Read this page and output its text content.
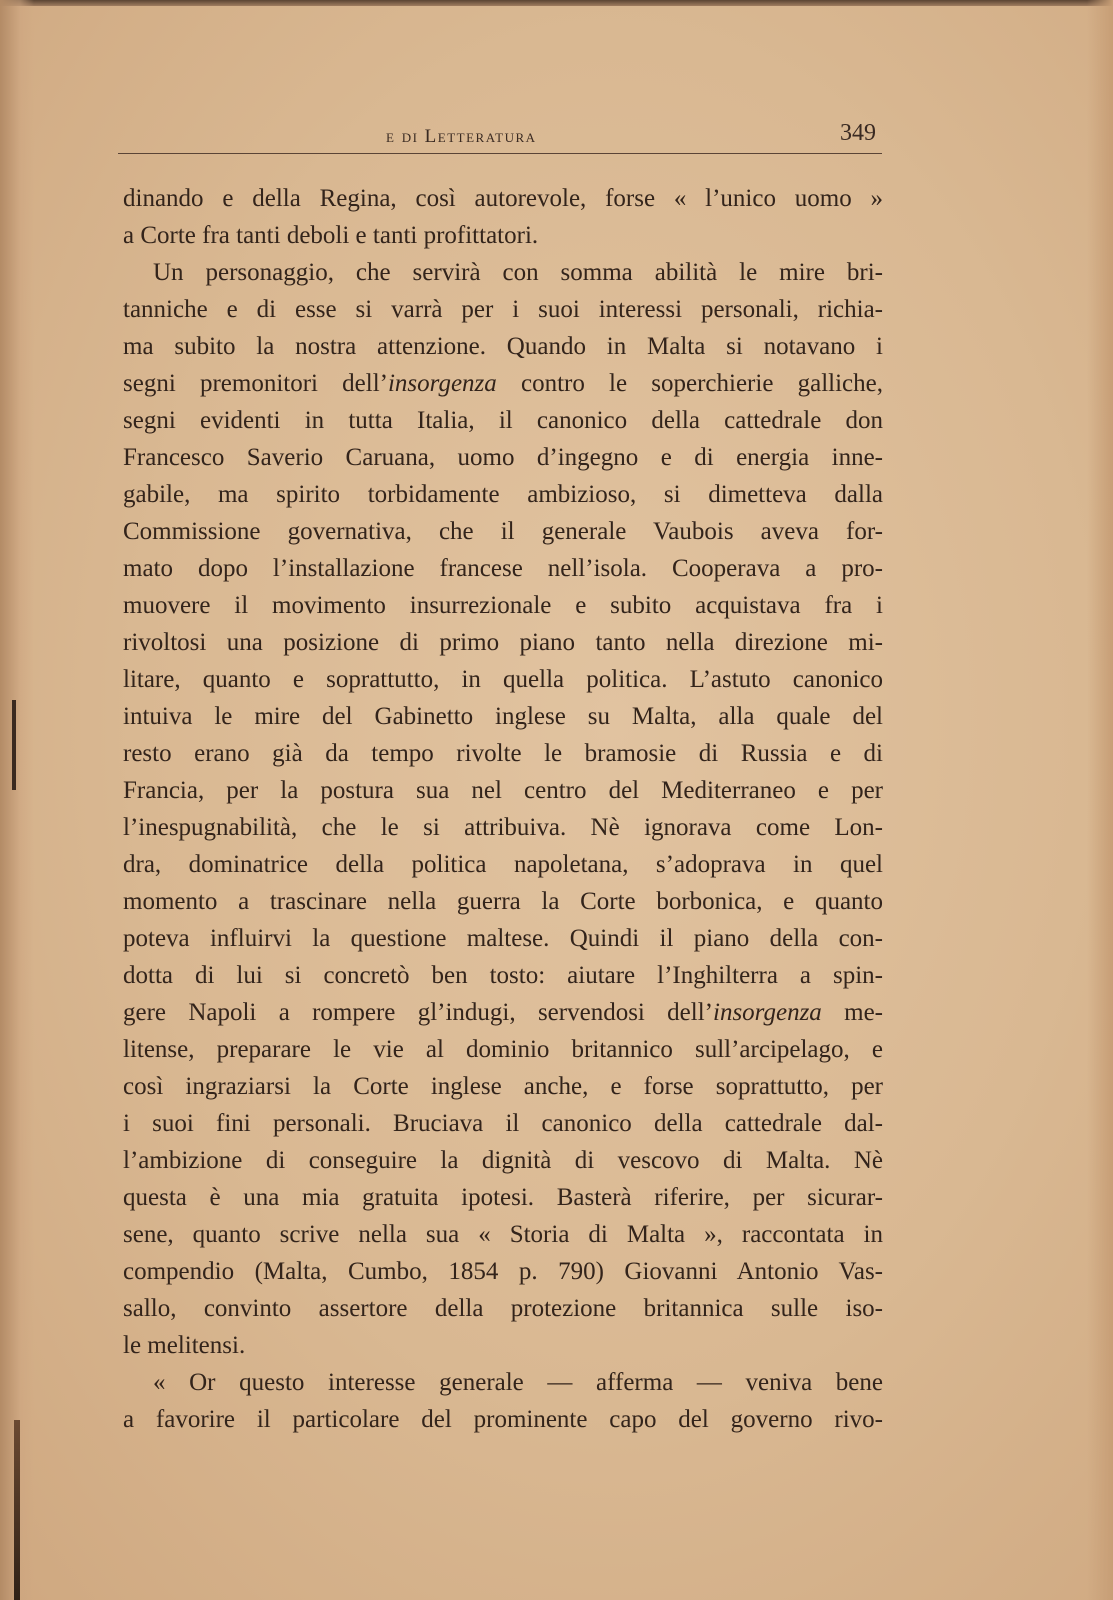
e di Letteratura	349
dinando e della Regina, così autorevole, forse « l’unico uomo »
a Corte fra tanti deboli e tanti profittatori.
Un personaggio, che servirà con somma abilità le mire bri-
tanniche e di esse si varrà per i suoi interessi personali, richia-
ma subito la nostra attenzione. Quando in Malta si notavano i
segni premonitori dell’insorgenza contro le soperchierie galliche,
segni evidenti in tutta Italia, il canonico della cattedrale don
Francesco Saverio Caruana, uomo d’ingegno e di energia inne-
gabile, ma spirito torbidamente ambizioso, si dimetteva dalla
Commissione governativa, che il generale Vaubois aveva for-
mato dopo l’installazione francese nell’isola. Cooperava a pro-
muovere il movimento insurrezionale e subito acquistava fra i
rivoltosi una posizione di primo piano tanto nella direzione mi-
litare, quanto e soprattutto, in quella politica. L’astuto canonico
intuiva le mire del Gabinetto inglese su Malta, alla quale del
resto erano già da tempo rivolte le bramosie di Russia e di
Francia, per la postura sua nel centro del Mediterraneo e per
l’inespugnabilità, che le si attribuiva. Nè ignorava come Lon-
dra, dominatrice della politica napoletana, s’adoprava in quel
momento a trascinare nella guerra la Corte borbonica, e quanto
poteva influirvi la questione maltese. Quindi il piano della con-
dotta di lui si concretò ben tosto: aiutare l’Inghilterra a spin-
gere Napoli a rompere gl’indugi, servendosi dell’insorgenza me-
litense, preparare le vie al dominio britannico sull’arcipelago, e
così ingraziarsi la Corte inglese anche, e forse soprattutto, per
i suoi fini personali. Bruciava il canonico della cattedrale dal-
l’ambizione di conseguire la dignità di vescovo di Malta. Nè
questa è una mia gratuita ipotesi. Basterà riferire, per sicurar-
sene, quanto scrive nella sua « Storia di Malta », raccontata in
compendio (Malta, Cumbo, 1854 p. 790) Giovanni Antonio Vas-
sallo, convinto assertore della protezione britannica sulle iso-
le melitensi.
« Or questo interesse generale — afferma — veniva bene
a favorire il particolare del prominente capo del governo rivo-
